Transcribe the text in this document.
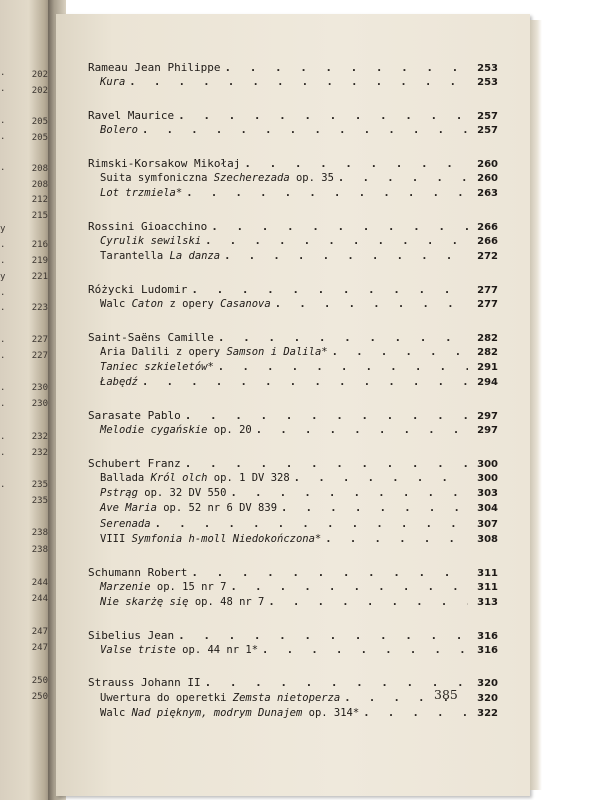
202
202
205
205
208
208
212
215
216
219
221
223
227
227
230
230
232
232
235
235
238
238
244
244
247
247
250
250
.
.
.
.
.
y
.
.
y
.
.
.
.
.
.
.
.
.
Rameau Jean Philippe . . .	253
Kura . . .	253
Ravel Maurice . . .	257
Bolero . . .	257
Rimski-Korsakow Mikołaj . . .	260
Suita symfoniczna Szecherezada op. 35 . . .	260
Lot trzmiela* . . .	263
Rossini Gioacchino . . .	266
Cyrulik sewilski . . .	266
Tarantella La danza . . .	272
Różycki Ludomir . . .	277
Walc Caton z opery Casanova . . .	277
Saint-Saëns Camille . . .	282
Aria Dalili z opery Samson i Dalila* . . .	282
Taniec szkieletów* . . .	291
Łabędź . . .	294
Sarasate Pablo . . .	297
Melodie cygańskie op. 20 . . .	297
Schubert Franz . . .	300
Ballada Król olch op. 1 DV 328 . . .	300
Pstrąg op. 32 DV 550 . . .	303
Ave Maria op. 52 nr 6 DV 839 . . .	304
Serenada . . .	307
VIII Symfonia h-moll Niedokończona* . . .	308
Schumann Robert . . .	311
Marzenie op. 15 nr 7 . . .	311
Nie skarżę się op. 48 nr 7 . . .	313
Sibelius Jean . . .	316
Valse triste op. 44 nr 1* . . .	316
Strauss Johann II . . .	320
Uwertura do operetki Zemsta nietoperza . . .	320
Walc Nad pięknym, modrym Dunajem op. 314* . . .	322
385
